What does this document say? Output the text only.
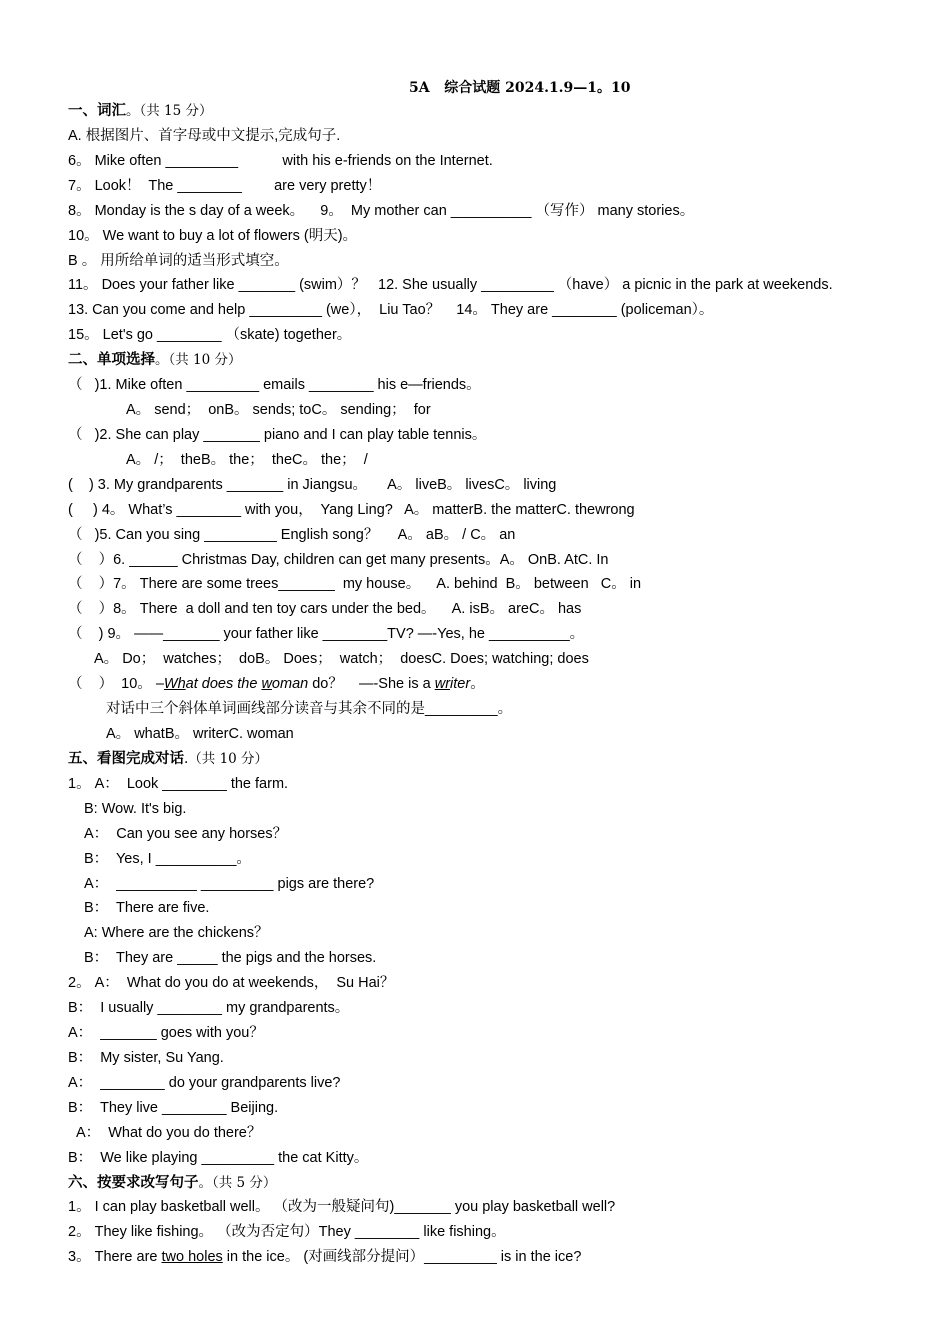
5A   综合试题 2024.1.9—1。10
一、词汇。（共 15 分）
A. 根据图片、首字母或中文提示,完成句子.
6。 Mike often _________           with his e-friends on the Internet.
7。 Look！  The ________        are very pretty！
8。 Monday is the s day of a week。    9。  My mother can __________ （写作） many stories。
10。 We want to buy a lot of flowers (明天)。
B 。 用所给单词的适当形式填空。
11。 Does your father like _______ (swim）？   12. She usually _________ （have） a picnic in the park at weekends.
13. Can you come and help _________ (we），  Liu Tao？    14。 They are ________ (policeman）。
15。 Let's go ________ （skate) together。
二、单项选择。（共 10 分）
（   )1. Mike often _________ emails ________ his e—friends。
A。 send；  onB。 sends; toC。 sending；  for
（   )2. She can play _______ piano and I can play table tennis。
A。 /；  theB。 the；  theC。 the；  /
(    ) 3. My grandparents _______ in Jiangsu。     A。 liveB。 livesC。 living
(     ) 4。 What’s ________ with you，  Yang Ling?   A。 matterB. the matterC. thewrong
（   )5. Can you sing _________ English song？     A。 aB。 / C。 an
（    ）6. ______ Christmas Day, children can get many presents。A。 OnB. AtC. In
（    ）7。 There are some trees_______  my house。    A. behind  B。 between   C。 in
（    ）8。 There  a doll and ten toy cars under the bed。    A. isB。 areC。 has
（    ) 9。 ——_______ your father like ________TV? —-Yes, he __________。
A。 Do；  watches；  doB。 Does；  watch；  doesC. Does; watching; does
（    ）  10。 –What does the woman do？    —-She is a writer。
对话中三个斜体单词画线部分读音与其余不同的是_________。
A。 whatB。 writerC. woman
五、看图完成对话.（共 10 分）
1。 A：  Look ________ the farm.
B: Wow. It's big.
A：  Can you see any horses？
B：  Yes, I __________。
A：  __________ _________ pigs are there?
B：  There are five.
A: Where are the chickens？
B：  They are _____ the pigs and the horses.
2。 A：  What do you do at weekends，  Su Hai？
B：  I usually ________ my grandparents。
A：  _______ goes with you？
B：  My sister, Su Yang.
A：  ________ do your grandparents live?
B：  They live ________ Beijing.
A：  What do you do there？
B：  We like playing _________ the cat Kitty。
六、按要求改写句子。（共 5 分）
1。 I can play basketball well。 （改为一般疑问句)_______ you play basketball well?
2。 They like fishing。 （改为否定句）They ________ like fishing。
3。 There are two holes in the ice。 (对画线部分提问）_________ is in the ice?
